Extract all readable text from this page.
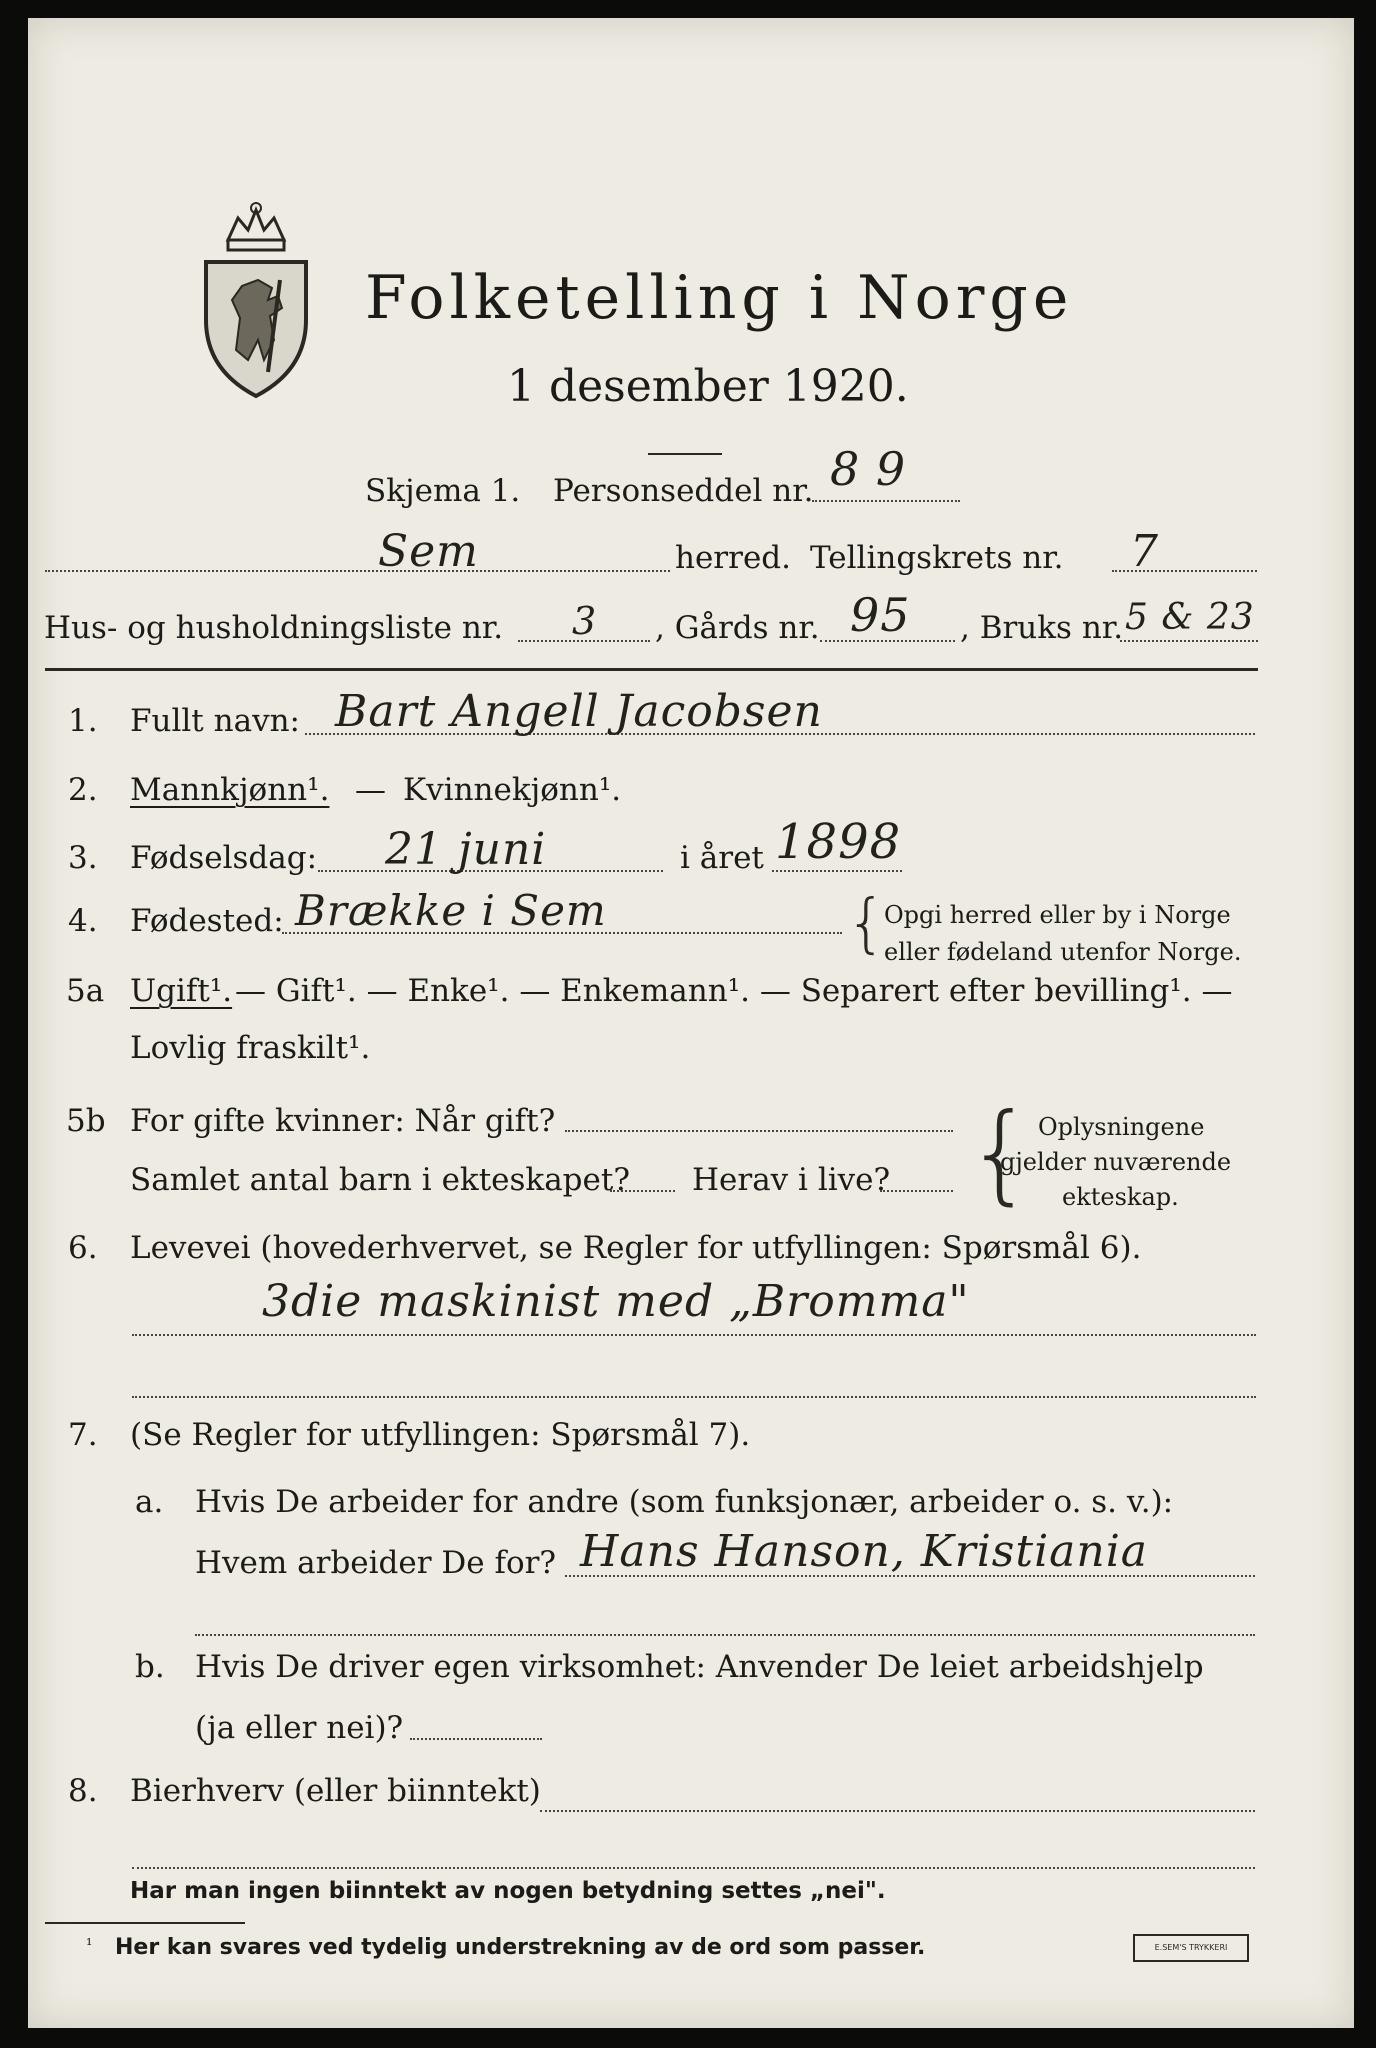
Folketelling i Norge
1 desember 1920.
Skjema 1. Personseddel nr. 8 9
Sem	herred. Tellingskrets nr. 7
Hus- og husholdningsliste nr. 3 , Gårds nr. 95 , Bruks nr. 5 & 23
1. Fullt navn: Bart Angell Jacobsen
2. Mannkjønn¹. — Kvinnekjønn¹.
3. Fødselsdag: 21 juni	i året 1898
4. Fødested: Brække i Sem	{
Opgi herred eller by i Norge
eller fødeland utenfor Norge.
5a Ugift¹. — Gift¹. — Enke¹. — Enkemann¹. — Separert efter bevilling¹. —
Lovlig fraskilt¹.
5b For gifte kvinner: Når gift?
Samlet antal barn i ekteskapet? Herav i live? { Oplysningene
gjelder nuværende
ekteskap.
6. Levevei (hovederhvervet, se Regler for utfyllingen: Spørsmål 6).
3die maskinist med „Bromma"
7. (Se Regler for utfyllingen: Spørsmål 7).
a. Hvis De arbeider for andre (som funksjonær, arbeider o. s. v.):
Hvem arbeider De for? Hans Hanson, Kristiania
b. Hvis De driver egen virksomhet: Anvender De leiet arbeidshjelp
(ja eller nei)?
8. Bierhverv (eller biinntekt)
Har man ingen biinntekt av nogen betydning settes „nei".
¹ Her kan svares ved tydelig understrekning av de ord som passer.	E.SEM'S TRYKKERI
